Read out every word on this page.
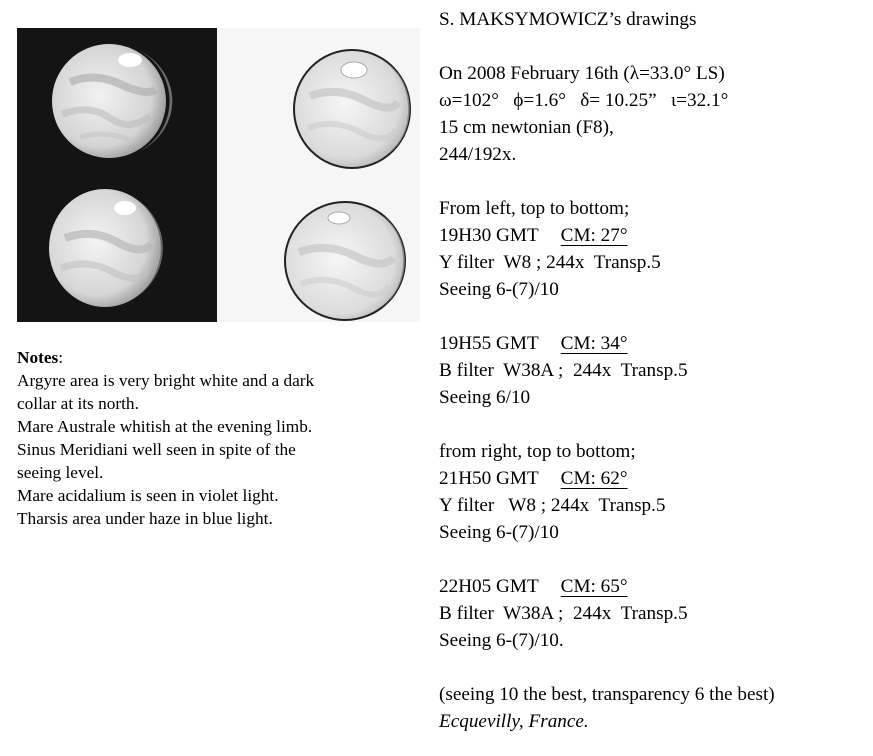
Notes:
Argyre area is very bright white and a dark
collar at its north.
Mare Australe whitish at the evening limb.
Sinus Meridiani well seen in spite of the
seeing level.
Mare acidalium is seen in violet light.
Tharsis area under haze in blue light.
S. MAKSYMOWICZ’s drawings
On 2008 February 16th (λ=33.0° LS)
ω=102°   ϕ=1.6°   δ= 10.25”   ι=32.1°
15 cm newtonian (F8),
244/192x.
From left, top to bottom;
19H30 GMT CM: 27°
Y filter  W8 ; 244x  Transp.5
Seeing 6-(7)/10
19H55 GMT CM: 34°
B filter  W38A ;  244x  Transp.5
Seeing 6/10
from right, top to bottom;
21H50 GMT CM: 62°
Y filter   W8 ; 244x  Transp.5
Seeing 6-(7)/10
22H05 GMT CM: 65°
B filter  W38A ;  244x  Transp.5
Seeing 6-(7)/10.
(seeing 10 the best, transparency 6 the best)
Ecquevilly, France.
